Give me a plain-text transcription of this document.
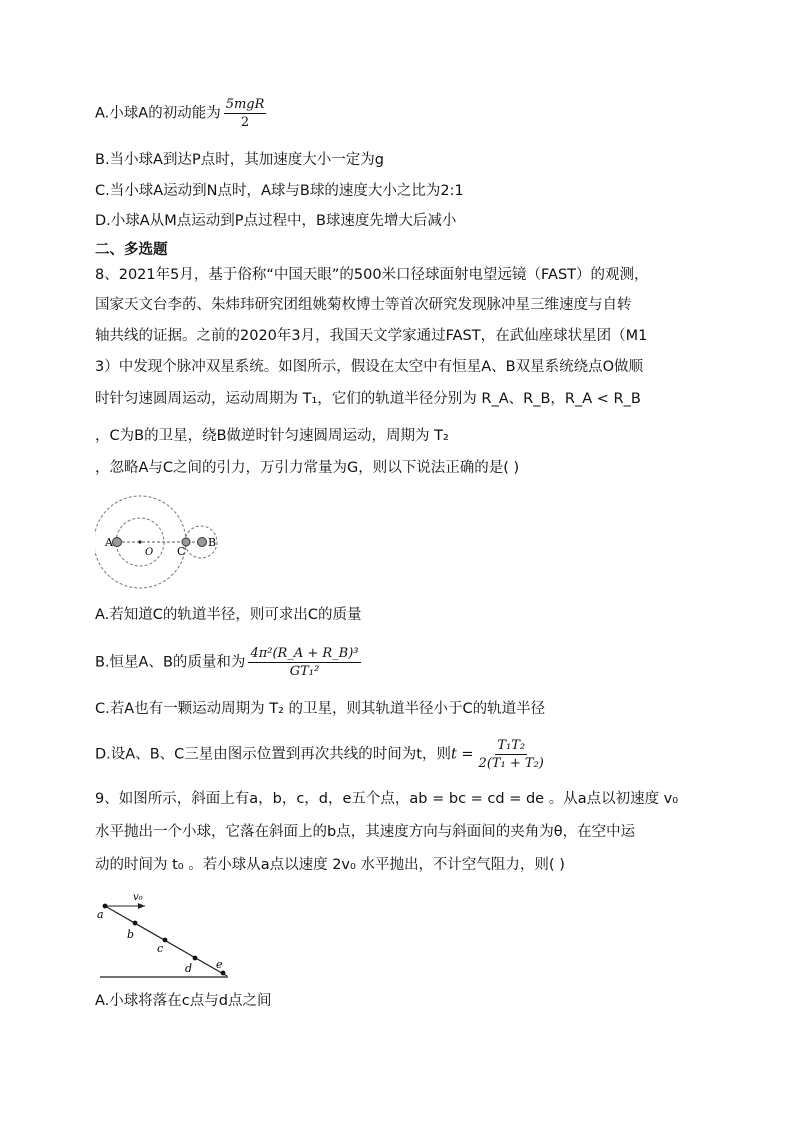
A.小球A的初动能为 $\frac{\text{5mgR}}{2}$
B.当小球A到达P点时，其加速度大小一定为g
C.当小球A运动到N点时，A球与B球的速度大小之比为2:1
D.小球A从M点运动到P点过程中，B球速度先增大后减小
二、多选题
8、2021年5月，基于俗称“中国天眼”的500米口径球面射电望远镜（FAST）的观测，
国家天文台李菂、朱炜玮研究团组姚菊枚博士等首次研究发现脉冲星三维速度与自转
轴共线的证据。之前的2020年3月，我国天文学家通过FAST，在武仙座球状星团（M1
3）中发现个脉冲双星系统。如图所示，假设在太空中有恒星A、B双星系统绕点O做顺
时针匀速圆周运动，运动周期为 T₁，它们的轨道半径分别为 R_A、R_B，R_A < R_B
，C为B的卫星，绕B做逆时针匀速圆周运动，周期为 T₂
，忽略A与C之间的引力，万引力常量为G，则以下说法正确的是( )
A
O C
B
A.若知道C的轨道半径，则可求出C的质量
B.恒星A、B的质量和为 $\frac{\text{4π²(R\_A + R\_B)³}}{\text{GT₁²}}$
C.若A也有一颗运动周期为 T₂ 的卫星，则其轨道半径小于C的轨道半径
D.设A、B、C三星由图示位置到再次共线的时间为t，则$t = \frac{\text{T₁T₂}}{\text{2(T₁ + T₂)}}$
9、如图所示，斜面上有a，b，c，d，e五个点，ab = bc = cd = de 。从a点以初速度 v₀
水平抛出一个小球，它落在斜面上的b点，其速度方向与斜面间的夹角为θ，在空中运
动的时间为 t₀ 。若小球从a点以速度 2v₀ 水平抛出，不计空气阻力，则( )
v₀
a
b
c
d e
A.小球将落在c点与d点之间
